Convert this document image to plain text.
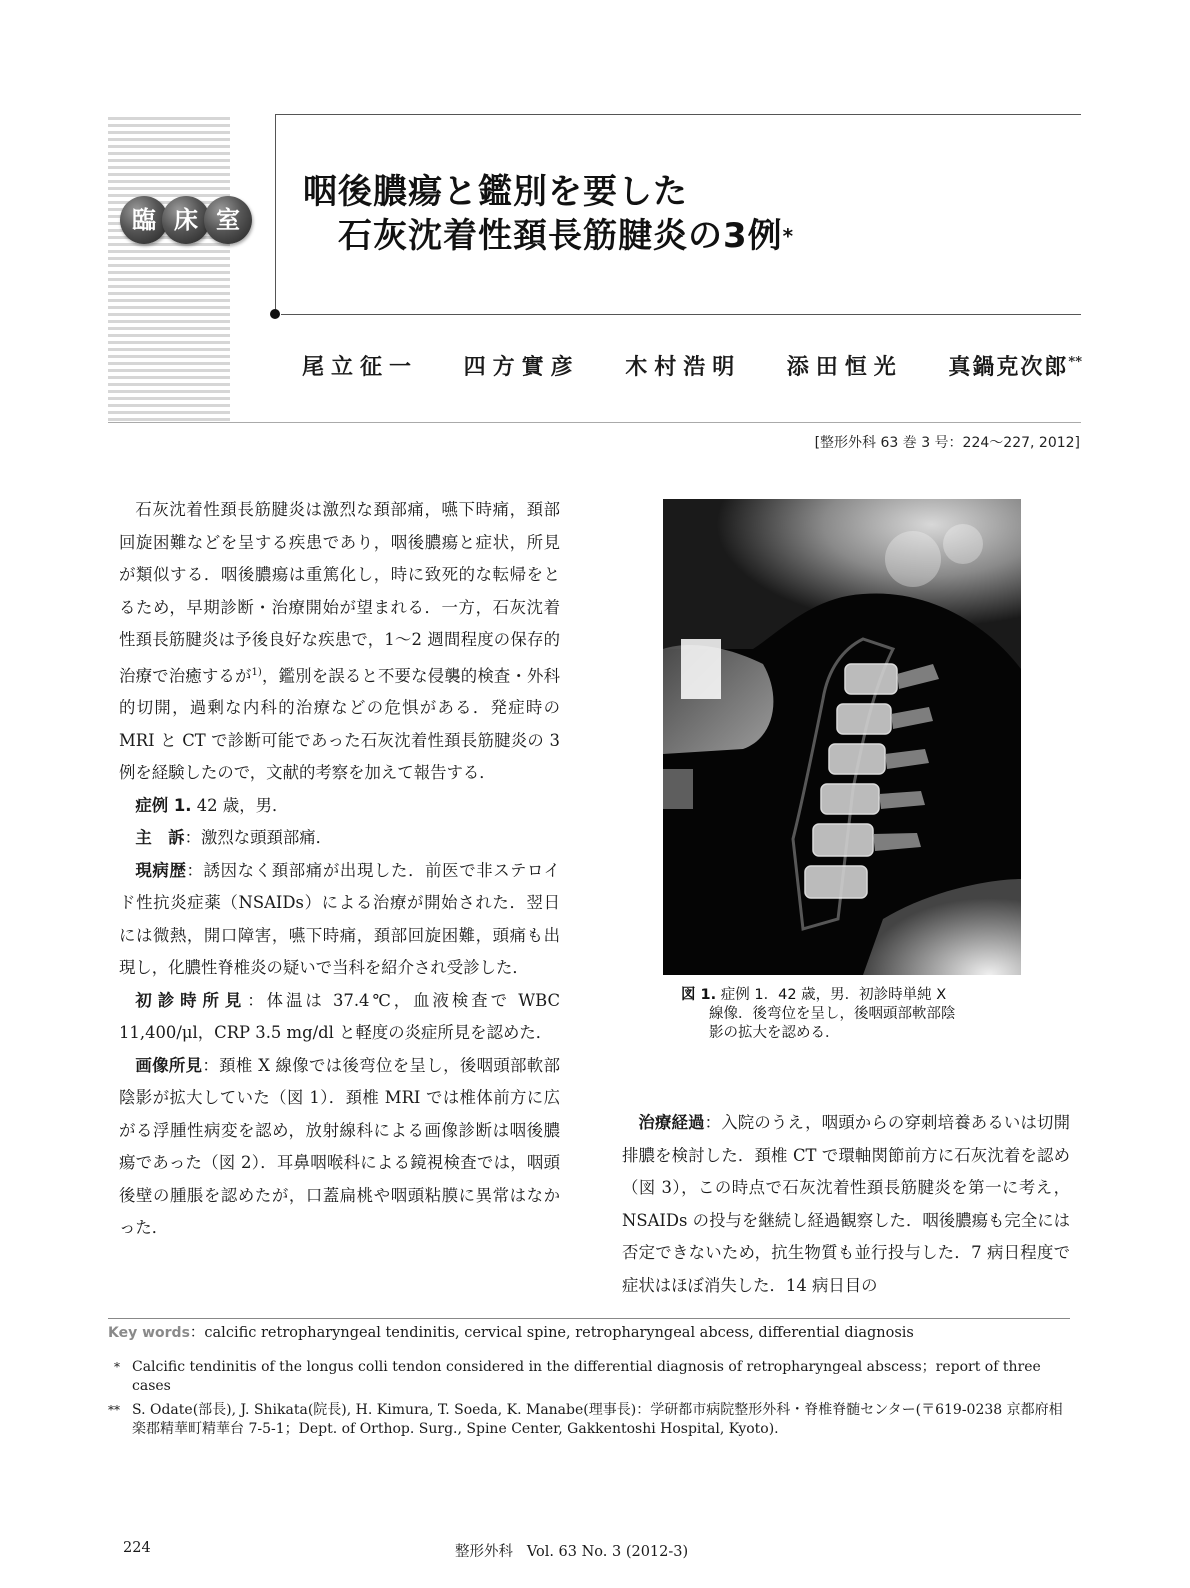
臨 床 室
咽後膿瘍と鑑別を要した
石灰沈着性頚長筋腱炎の3例*
尾立征一 四方實彦 木村浩明 添田恒光 真鍋克次郎**
[整形外科 63 巻 3 号：224〜227, 2012]

石灰沈着性頚長筋腱炎は激烈な頚部痛，嚥下時痛，頚部回旋困難などを呈する疾患であり，咽後膿瘍と症状，所見が類似する．咽後膿瘍は重篤化し，時に致死的な転帰をとるため，早期診断・治療開始が望まれる．一方，石灰沈着性頚長筋腱炎は予後良好な疾患で，1〜2 週間程度の保存的治療で治癒するが$^{1)}$，鑑別を誤ると不要な侵襲的検査・外科的切開，過剰な内科的治療などの危惧がある．発症時の MRI と CT で診断可能であった石灰沈着性頚長筋腱炎の 3 例を経験したので，文献的考察を加えて報告する．

症例 1. 42 歳，男．

主　訴：激烈な頭頚部痛．

現病歴：誘因なく頚部痛が出現した．前医で非ステロイド性抗炎症薬（NSAIDs）による治療が開始された．翌日には微熱，開口障害，嚥下時痛，頚部回旋困難，頭痛も出現し，化膿性脊椎炎の疑いで当科を紹介され受診した．

初診時所見：体温は 37.4℃，血液検査で WBC 11,400/μl，CRP 3.5 mg/dl と軽度の炎症所見を認めた．

画像所見：頚椎 X 線像では後弯位を呈し，後咽頭部軟部陰影が拡大していた（図 1）．頚椎 MRI では椎体前方に広がる浮腫性病変を認め，放射線科による画像診断は咽後膿瘍であった（図 2）．耳鼻咽喉科による鏡視検査では，咽頭後壁の腫脹を認めたが，口蓋扁桃や咽頭粘膜に異常はなかった．

図 1. 症例 1．42 歳，男．初診時単純 X
線像．後弯位を呈し，後咽頭部軟部陰
影の拡大を認める．

治療経過：入院のうえ，咽頭からの穿刺培養あるいは切開排膿を検討した．頚椎 CT で環軸関節前方に石灰沈着を認め（図 3），この時点で石灰沈着性頚長筋腱炎を第一に考え，NSAIDs の投与を継続し経過観察した．咽後膿瘍も完全には否定できないため，抗生物質も並行投与した．7 病日程度で症状はほぼ消失した．14 病日目の

Key words：calcific retropharyngeal tendinitis, cervical spine, retropharyngeal abcess, differential diagnosis
* Calcific tendinitis of the longus colli tendon considered in the differential diagnosis of retropharyngeal abscess；report of three cases
** S. Odate(部長), J. Shikata(院長), H. Kimura, T. Soeda, K. Manabe(理事長)：学研都市病院整形外科・脊椎脊髄センター(〒619-0238 京都府相楽郡精華町精華台 7-5-1；Dept. of Orthop. Surg., Spine Center, Gakkentoshi Hospital, Kyoto).
224	整形外科 Vol. 63 No. 3 (2012-3)
